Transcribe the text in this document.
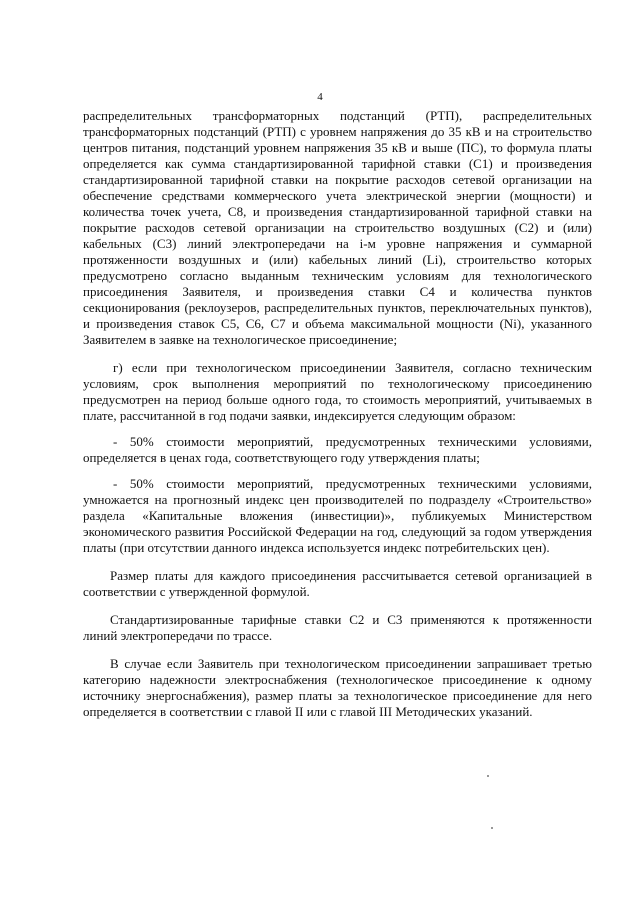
4

распределительных трансформаторных подстанций (РТП), распределительных трансформаторных подстанций (РТП) с уровнем напряжения до 35 кВ и на строительство центров питания, подстанций уровнем напряжения 35 кВ и выше (ПС), то формула платы определяется как сумма стандартизированной тарифной ставки (С1) и произведения стандартизированной тарифной ставки на покрытие расходов сетевой организации на обеспечение средствами коммерческого учета электрической энергии (мощности) и количества точек учета, С8, и произведения стандартизированной тарифной ставки на покрытие расходов сетевой организации на строительство воздушных (С2) и (или) кабельных (С3) линий электропередачи на i-м уровне напряжения и суммарной протяженности воздушных и (или) кабельных линий (Li), строительство которых предусмотрено согласно выданным техническим условиям для технологического присоединения Заявителя, и произведения ставки С4 и количества пунктов секционирования (реклоузеров, распределительных пунктов, переключательных пунктов), и произведения ставок С5, С6, С7 и объема максимальной мощности (Ni), указанного Заявителем в заявке на технологическое присоединение;

г) если при технологическом присоединении Заявителя, согласно техническим условиям, срок выполнения мероприятий по технологическому присоединению предусмотрен на период больше одного года, то стоимость мероприятий, учитываемых в плате, рассчитанной в год подачи заявки, индексируется следующим образом:

- 50% стоимости мероприятий, предусмотренных техническими условиями, определяется в ценах года, соответствующего году утверждения платы;

- 50% стоимости мероприятий, предусмотренных техническими условиями, умножается на прогнозный индекс цен производителей по подразделу «Строительство» раздела «Капитальные вложения (инвестиции)», публикуемых Министерством экономического развития Российской Федерации на год, следующий за годом утверждения платы (при отсутствии данного индекса используется индекс потребительских цен).

Размер платы для каждого присоединения рассчитывается сетевой организацией в соответствии с утвержденной формулой.

Стандартизированные тарифные ставки С2 и С3 применяются к протяженности линий электропередачи по трассе.

В случае если Заявитель при технологическом присоединении запрашивает третью категорию надежности электроснабжения (технологическое присоединение к одному источнику энергоснабжения), размер платы за технологическое присоединение для него определяется в соответствии с главой II или с главой III Методических указаний.
